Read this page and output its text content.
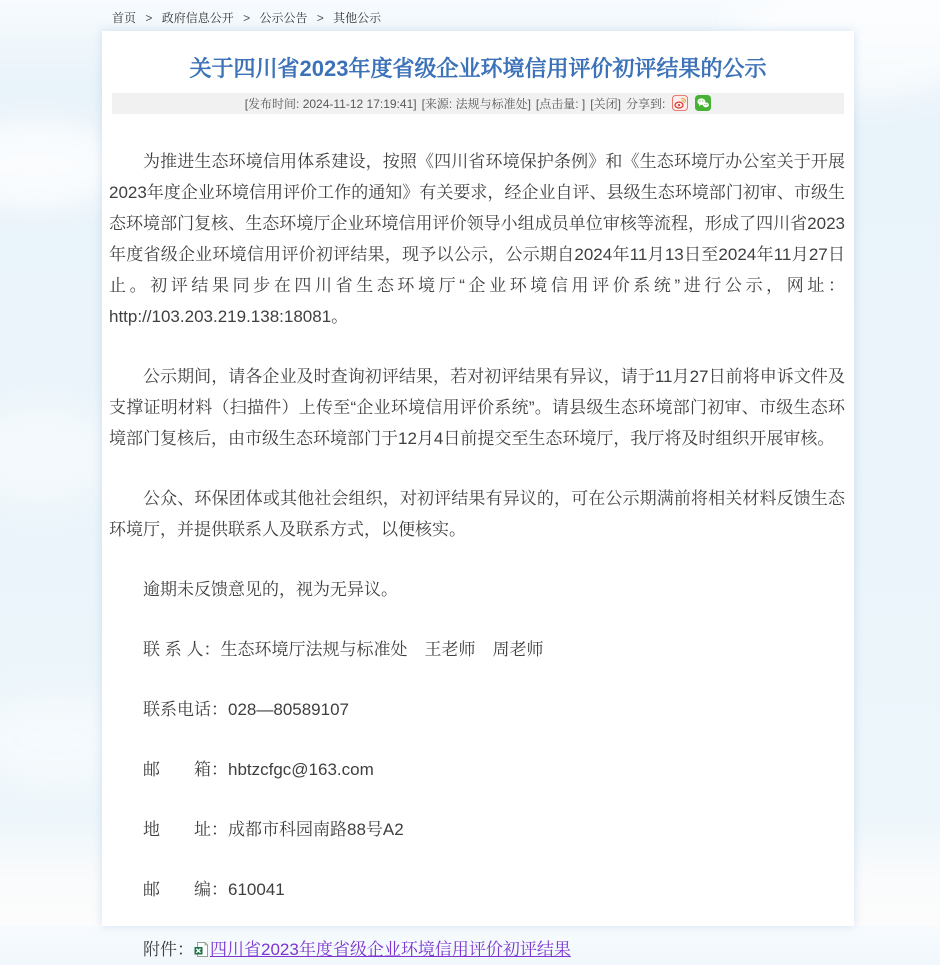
首页 > 政府信息公开 > 公示公告 > 其他公示
关于四川省2023年度省级企业环境信用评价初评结果的公示
[发布时间: 2024-11-12 17:19:41] [来源: 法规与标准处] [点击量: ] [关闭] 分享到:

为推进生态环境信用体系建设，按照《四川省环境保护条例》和《生态环境厅办公室关于开展2023年度企业环境信用评价工作的通知》有关要求，经企业自评、县级生态环境部门初审、市级生态环境部门复核、生态环境厅企业环境信用评价领导小组成员单位审核等流程，形成了四川省2023年度省级企业环境信用评价初评结果，现予以公示，公示期自2024年11月13日至2024年11月27日止。初评结果同步在四川省生态环境厅“企业环境信用评价系统”进行公示，网址：http://103.203.219.138:18081。

公示期间，请各企业及时查询初评结果，若对初评结果有异议，请于11月27日前将申诉文件及支撑证明材料（扫描件）上传至“企业环境信用评价系统”。请县级生态环境部门初审、市级生态环境部门复核后，由市级生态环境部门于12月4日前提交至生态环境厅，我厅将及时组织开展审核。

公众、环保团体或其他社会组织，对初评结果有异议的，可在公示期满前将相关材料反馈生态环境厅，并提供联系人及联系方式，以便核实。

逾期未反馈意见的，视为无异议。

联 系 人：生态环境厅法规与标准处　王老师　周老师

联系电话：028—80589107

邮　　箱：hbtzcfgc@163.com

地　　址：成都市科园南路88号A2

邮　　编：610041

附件： 四川省2023年度省级企业环境信用评价初评结果
